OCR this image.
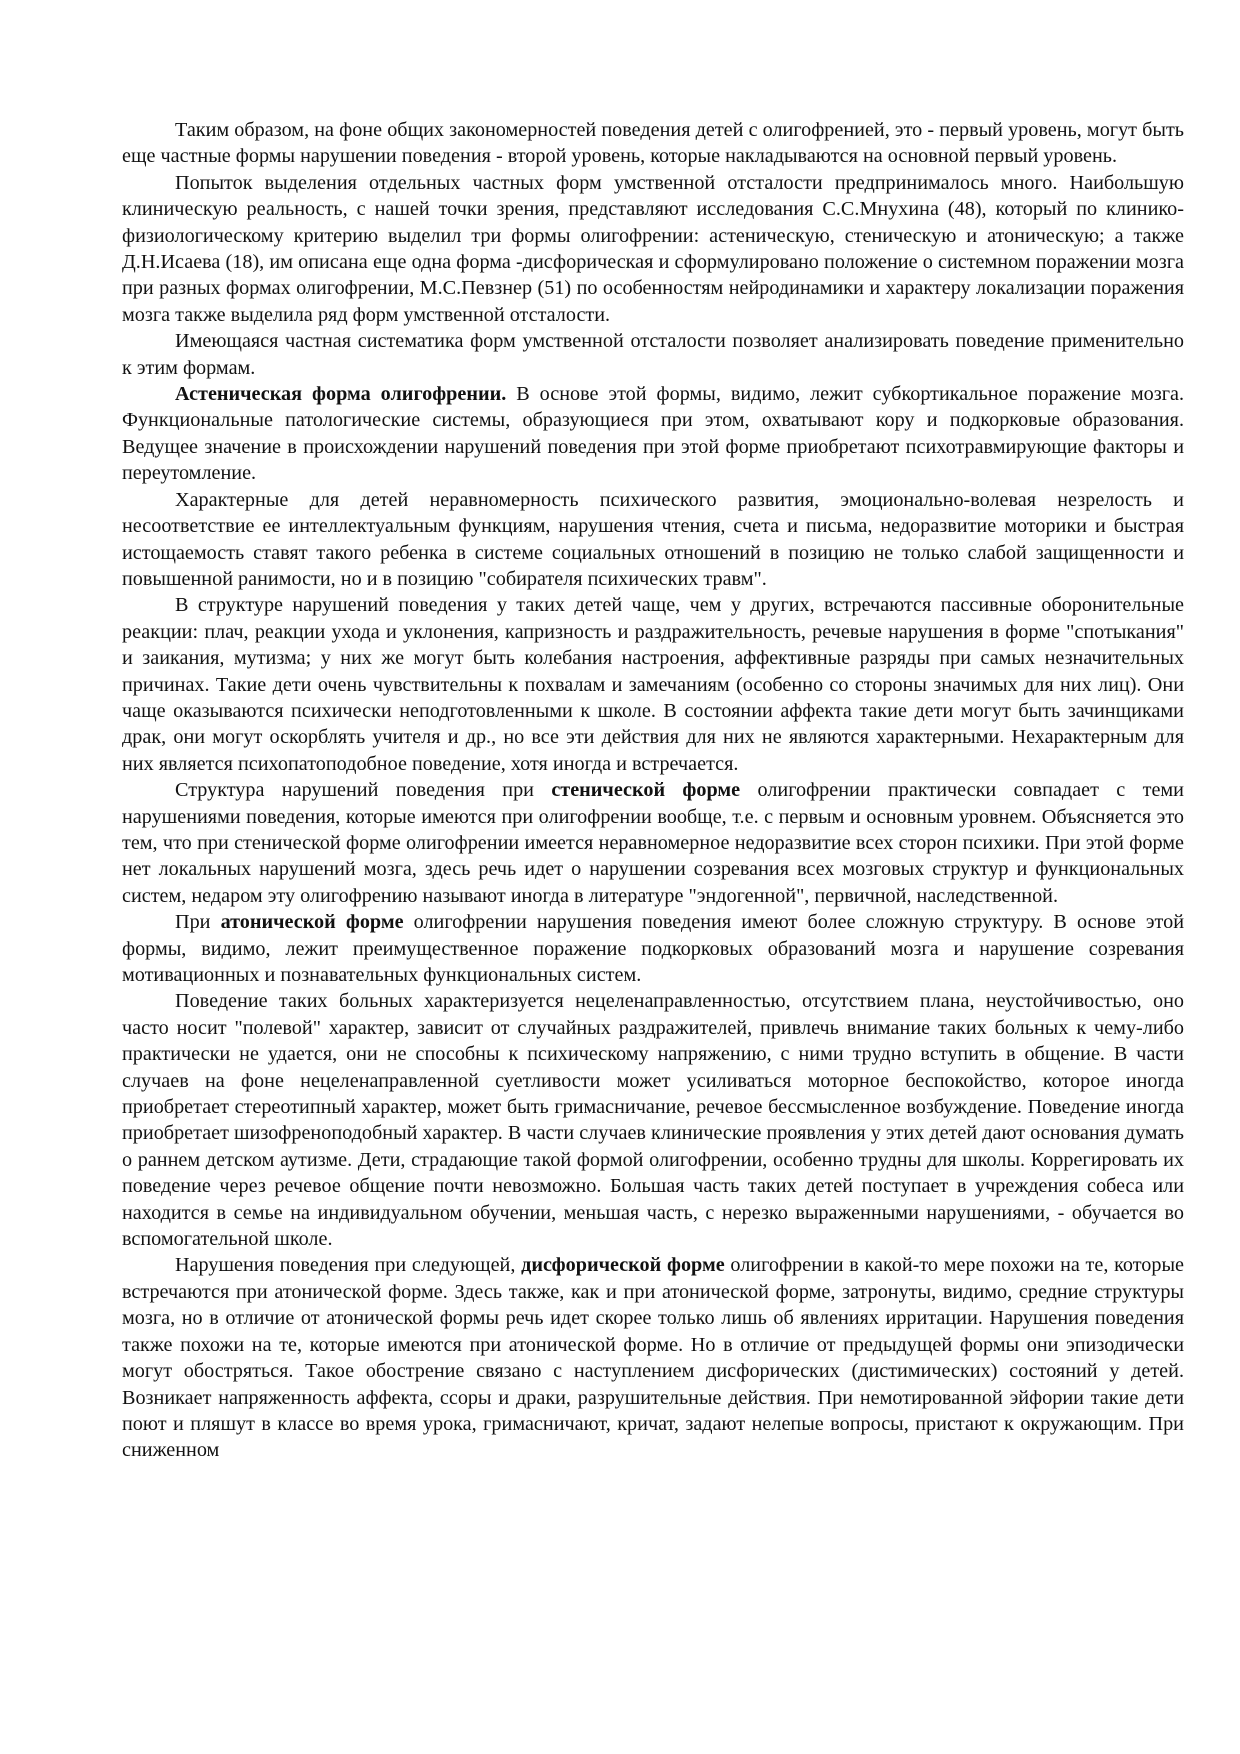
Таким образом, на фоне общих закономерностей поведения детей с олигофренией, это - первый уровень, могут быть еще частные формы нарушении поведения - второй уровень, которые накладываются на основной первый уровень.

Попыток выделения отдельных частных форм умственной отсталости предпринималось много. Наибольшую клиническую реальность, с нашей точки зрения, представляют исследования С.С.Мнухина (48), который по клинико-физиологическому критерию выделил три формы олигофрении: астеническую, стеническую и атоническую; а также Д.Н.Исаева (18), им описана еще одна форма -дисфорическая и сформулировано положение о системном поражении мозга при разных формах олигофрении, М.С.Певзнер (51) по особенностям нейродинамики и характеру локализации поражения мозга также выделила ряд форм умственной отсталости.

Имеющаяся частная систематика форм умственной отсталости позволяет анализировать поведение применительно к этим формам.

Астеническая форма олигофрении. В основе этой формы, видимо, лежит субкортикальное поражение мозга. Функциональные патологические системы, образующиеся при этом, охватывают кору и подкорковые образования. Ведущее значение в происхождении нарушений поведения при этой форме приобретают психотравмирующие факторы и переутомление.

Характерные для детей неравномерность психического развития, эмоционально-волевая незрелость и несоответствие ее интеллектуальным функциям, нарушения чтения, счета и письма, недоразвитие моторики и быстрая истощаемость ставят такого ребенка в системе социальных отношений в позицию не только слабой защищенности и повышенной ранимости, но и в позицию "собирателя психических травм".

В структуре нарушений поведения у таких детей чаще, чем у других, встречаются пассивные оборонительные реакции: плач, реакции ухода и уклонения, капризность и раздражительность, речевые нарушения в форме "спотыкания" и заикания, мутизма; у них же могут быть колебания настроения, аффективные разряды при самых незначительных причинах. Такие дети очень чувствительны к похвалам и замечаниям (особенно со стороны значимых для них лиц). Они чаще оказываются психически неподготовленными к школе. В состоянии аффекта такие дети могут быть зачинщиками драк, они могут оскорблять учителя и др., но все эти действия для них не являются характерными. Нехарактерным для них является психопатоподобное поведение, хотя иногда и встречается.

Структура нарушений поведения при стенической форме олигофрении практически совпадает с теми нарушениями поведения, которые имеются при олигофрении вообще, т.е. с первым и основным уровнем. Объясняется это тем, что при стенической форме олигофрении имеется неравномерное недоразвитие всех сторон психики. При этой форме нет локальных нарушений мозга, здесь речь идет о нарушении созревания всех мозговых структур и функциональных систем, недаром эту олигофрению называют иногда в литературе "эндогенной", первичной, наследственной.

При атонической форме олигофрении нарушения поведения имеют более сложную структуру. В основе этой формы, видимо, лежит преимущественное поражение подкорковых образований мозга и нарушение созревания мотивационных и познавательных функциональных систем.

Поведение таких больных характеризуется нецеленаправленностью, отсутствием плана, неустойчивостью, оно часто носит "полевой" характер, зависит от случайных раздражителей, привлечь внимание таких больных к чему-либо практически не удается, они не способны к психическому напряжению, с ними трудно вступить в общение. В части случаев на фоне нецеленаправленной суетливости может усиливаться моторное беспокойство, которое иногда приобретает стереотипный характер, может быть гримасничание, речевое бессмысленное возбуждение. Поведение иногда приобретает шизофреноподобный характер. В части случаев клинические проявления у этих детей дают основания думать о раннем детском аутизме. Дети, страдающие такой формой олигофрении, особенно трудны для школы. Коррегировать их поведение через речевое общение почти невозможно. Большая часть таких детей поступает в учреждения собеса или находится в семье на индивидуальном обучении, меньшая часть, с нерезко выраженными нарушениями, - обучается во вспомогательной школе.

Нарушения поведения при следующей, дисфорической форме олигофрении в какой-то мере похожи на те, которые встречаются при атонической форме. Здесь также, как и при атонической форме, затронуты, видимо, средние структуры мозга, но в отличие от атонической формы речь идет скорее только лишь об явлениях ирритации. Нарушения поведения также похожи на те, которые имеются при атонической форме. Но в отличие от предыдущей формы они эпизодически могут обостряться. Такое обострение связано с наступлением дисфорических (дистимических) состояний у детей. Возникает напряженность аффекта, ссоры и драки, разрушительные действия. При немотированной эйфории такие дети поют и пляшут в классе во время урока, гримасничают, кричат, задают нелепые вопросы, пристают к окружающим. При сниженном
